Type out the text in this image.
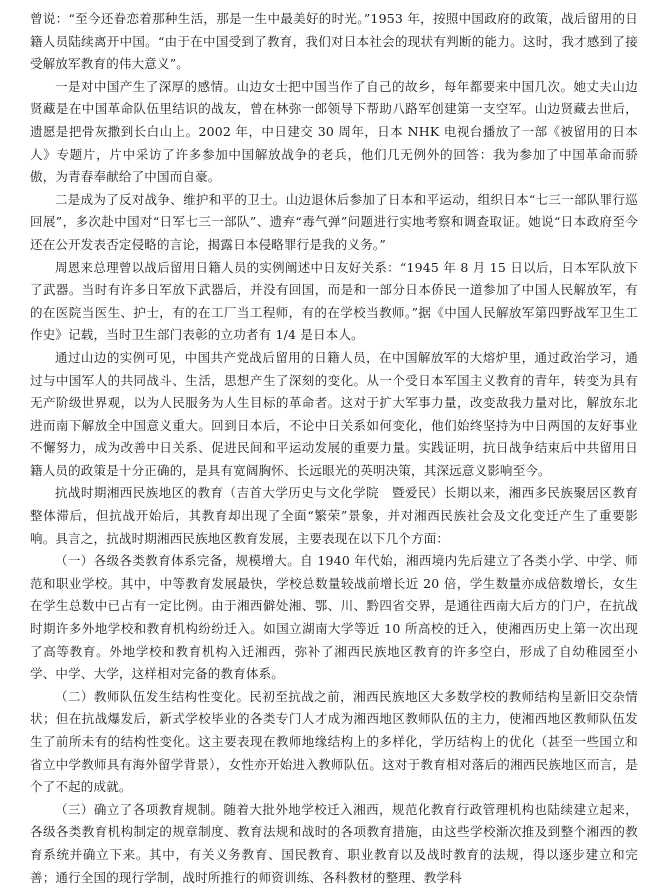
曾说：“至今还眷恋着那种生活，那是一生中最美好的时光。”1953 年，按照中国政府的政策，战后留用的日籍人员陆续离开中国。“由于在中国受到了教育，我们对日本社会的现状有判断的能力。这时，我才感到了接受解放军教育的伟大意义”。

一是对中国产生了深厚的感情。山边女士把中国当作了自己的故乡，每年都要来中国几次。她丈夫山边贤藏是在中国革命队伍里结识的战友，曾在林弥一郎领导下帮助八路军创建第一支空军。山边贤藏去世后，遗愿是把骨灰撒到长白山上。2002 年，中日建交 30 周年，日本 NHK 电视台播放了一部《被留用的日本人》专题片，片中采访了许多参加中国解放战争的老兵，他们几无例外的回答：我为参加了中国革命而骄傲，为青春奉献给了中国而自豪。

二是成为了反对战争、维护和平的卫士。山边退休后参加了日本和平运动，组织日本“七三一部队罪行巡回展”，多次赴中国对“日军七三一部队”、遗弃“毒气弹”问题进行实地考察和调查取证。她说“日本政府至今还在公开发表否定侵略的言论，揭露日本侵略罪行是我的义务。”

周恩来总理曾以战后留用日籍人员的实例阐述中日友好关系：“1945 年 8 月 15 日以后，日本军队放下了武器。当时有许多日军放下武器后，并没有回国，而是和一部分日本侨民一道参加了中国人民解放军，有的在医院当医生、护士，有的在工厂当工程师，有的在学校当教师。”据《中国人民解放军第四野战军卫生工作史》记载，当时卫生部门表彰的立功者有 1/4 是日本人。

通过山边的实例可见，中国共产党战后留用的日籍人员，在中国解放军的大熔炉里，通过政治学习，通过与中国军人的共同战斗、生活，思想产生了深刻的变化。从一个受日本军国主义教育的青年，转变为具有无产阶级世界观，以为人民服务为人生目标的革命者。这对于扩大军事力量，改变敌我力量对比，解放东北进而南下解放全中国意义重大。回到日本后，不论中日关系如何变化，他们始终坚持为中日两国的友好事业不懈努力，成为改善中日关系、促进民间和平运动发展的重要力量。实践证明，抗日战争结束后中共留用日籍人员的政策是十分正确的，是具有宽阔胸怀、长远眼光的英明决策，其深远意义影响至今。

抗战时期湘西民族地区的教育（吉首大学历史与文化学院　暨爱民）长期以来，湘西多民族聚居区教育整体滞后，但抗战开始后，其教育却出现了全面“繁荣”景象，并对湘西民族社会及文化变迁产生了重要影响。具言之，抗战时期湘西民族地区教育发展，主要表现在以下几个方面：

（一）各级各类教育体系完备，规模增大。自 1940 年代始，湘西境内先后建立了各类小学、中学、师范和职业学校。其中，中等教育发展最快，学校总数量较战前增长近 20 倍，学生数量亦成倍数增长，女生在学生总数中已占有一定比例。由于湘西僻处湘、鄂、川、黔四省交界，是通往西南大后方的门户，在抗战时期许多外地学校和教育机构纷纷迁入。如国立湖南大学等近 10 所高校的迁入，使湘西历史上第一次出现了高等教育。外地学校和教育机构入迁湘西，弥补了湘西民族地区教育的许多空白，形成了自幼稚园至小学、中学、大学，这样相对完备的教育体系。

（二）教师队伍发生结构性变化。民初至抗战之前，湘西民族地区大多数学校的教师结构呈新旧交杂情状；但在抗战爆发后，新式学校毕业的各类专门人才成为湘西地区教师队伍的主力，使湘西地区教师队伍发生了前所未有的结构性变化。这主要表现在教师地缘结构上的多样化，学历结构上的优化（甚至一些国立和省立中学教师具有海外留学背景），女性亦开始进入教师队伍。这对于教育相对落后的湘西民族地区而言，是个了不起的成就。

（三）确立了各项教育规制。随着大批外地学校迁入湘西，规范化教育行政管理机构也陆续建立起来，各级各类教育机构制定的规章制度、教育法规和战时的各项教育措施，由这些学校渐次推及到整个湘西的教育系统并确立下来。其中，有关义务教育、国民教育、职业教育以及战时教育的法规，得以逐步建立和完善；通行全国的现行学制，战时所推行的师资训练、各科教材的整理、教学科
